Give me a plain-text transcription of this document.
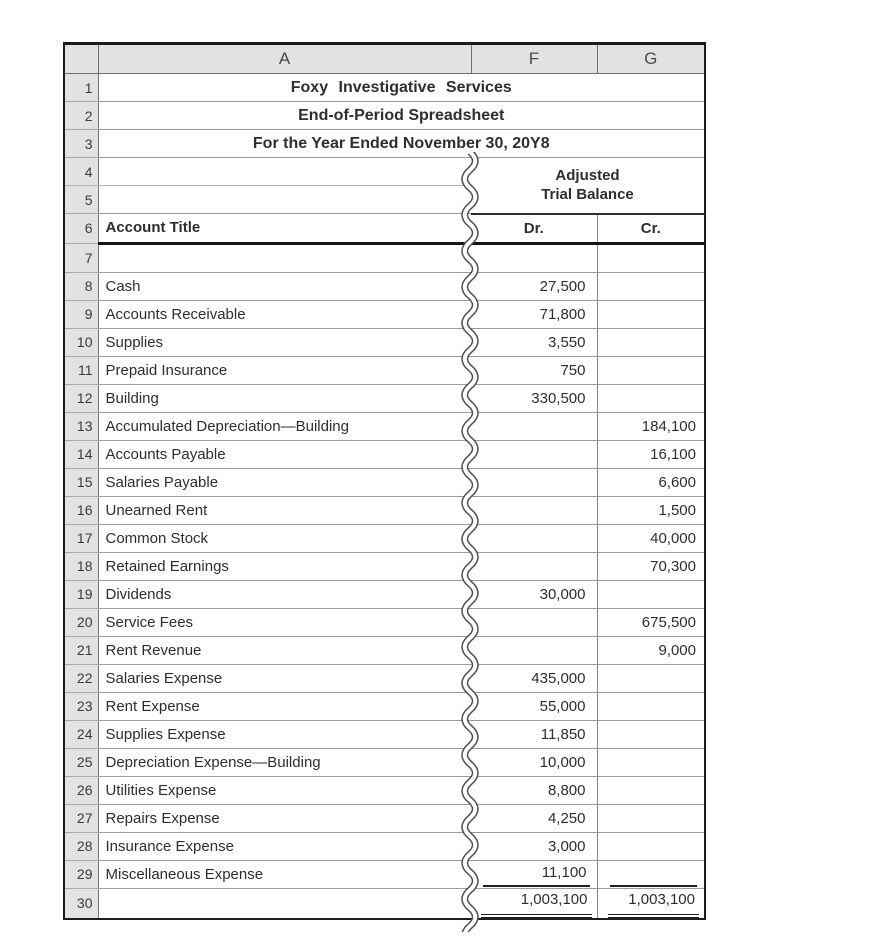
	A	F	G
1	Foxy Investigative Services		
2	End-of-Period Spreadsheet		
3	For the Year Ended November 30, 20Y8		
4		Adjusted
Trial Balance	
5			
6	Account Title	Dr.	Cr.
7			
8	Cash	27,500	
9	Accounts Receivable	71,800	
10	Supplies	3,550	
11	Prepaid Insurance	750	
12	Building	330,500	
13	Accumulated Depreciation—Building		184,100
14	Accounts Payable		16,100
15	Salaries Payable		6,600
16	Unearned Rent		1,500
17	Common Stock		40,000
18	Retained Earnings		70,300
19	Dividends	30,000	
20	Service Fees		675,500
21	Rent Revenue		9,000
22	Salaries Expense	435,000	
23	Rent Expense	55,000	
24	Supplies Expense	11,850	
25	Depreciation Expense—Building	10,000	
26	Utilities Expense	8,800	
27	Repairs Expense	4,250	
28	Insurance Expense	3,000	
29	Miscellaneous Expense	11,100	

30		1,003,100	1,003,100
